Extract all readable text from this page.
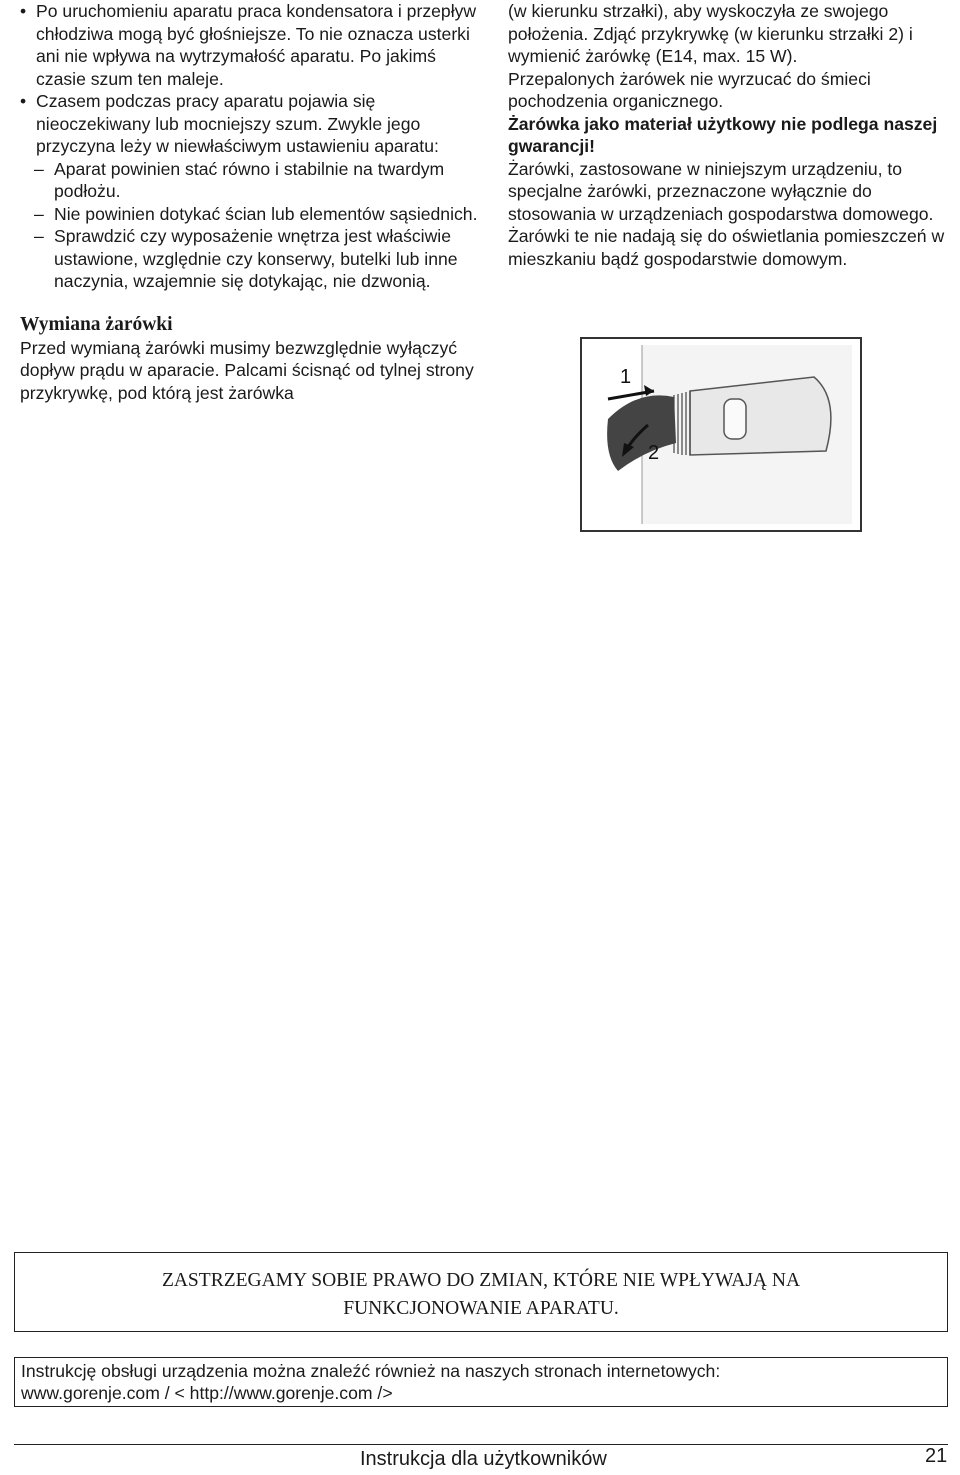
• Po uruchomieniu aparatu praca kondensatora i przepływ chłodziwa mogą być głośniejsze. To nie oznacza usterki ani nie wpływa na wytrzymałość aparatu. Po jakimś czasie szum ten maleje.

• Czasem podczas pracy aparatu pojawia się nieoczekiwany lub mocniejszy szum. Zwykle jego przyczyna leży w niewłaściwym ustawieniu aparatu:

– Aparat powinien stać równo i stabilnie na twardym podłożu.

– Nie powinien dotykać ścian lub elementów sąsiednich.

– Sprawdzić czy wyposażenie wnętrza jest właściwie ustawione, względnie czy konserwy, butelki lub inne naczynia, wzajemnie się dotykając, nie dzwonią.

Wymiana żarówki

Przed wymianą żarówki musimy bezwzględnie wyłączyć dopływ prądu w aparacie. Palcami ścisnąć od tylnej strony przykrywkę, pod którą jest żarówka

(w kierunku strzałki), aby wyskoczyła ze swojego położenia. Zdjąć przykrywkę (w kierunku strzałki 2) i wymienić żarówkę (E14, max. 15 W).

Przepalonych żarówek nie wyrzucać do śmieci pochodzenia organicznego.

Żarówka jako materiał użytkowy nie podlega naszej gwarancji!

Żarówki, zastosowane w niniejszym urządzeniu, to specjalne żarówki, przeznaczone wyłącznie do stosowania w urządzeniach gospodarstwa domowego. Żarówki te nie nadają się do oświetlania pomieszczeń w mieszkaniu bądź gospodarstwie domowym.

1
2
ZASTRZEGAMY SOBIE PRAWO DO ZMIAN, KTÓRE NIE WPŁYWAJĄ NA
FUNKCJONOWANIE APARATU.
Instrukcję obsługi urządzenia można znaleźć również na naszych stronach internetowych:
www.gorenje.com / < http://www.gorenje.com />
Instrukcja dla użytkowników	21
